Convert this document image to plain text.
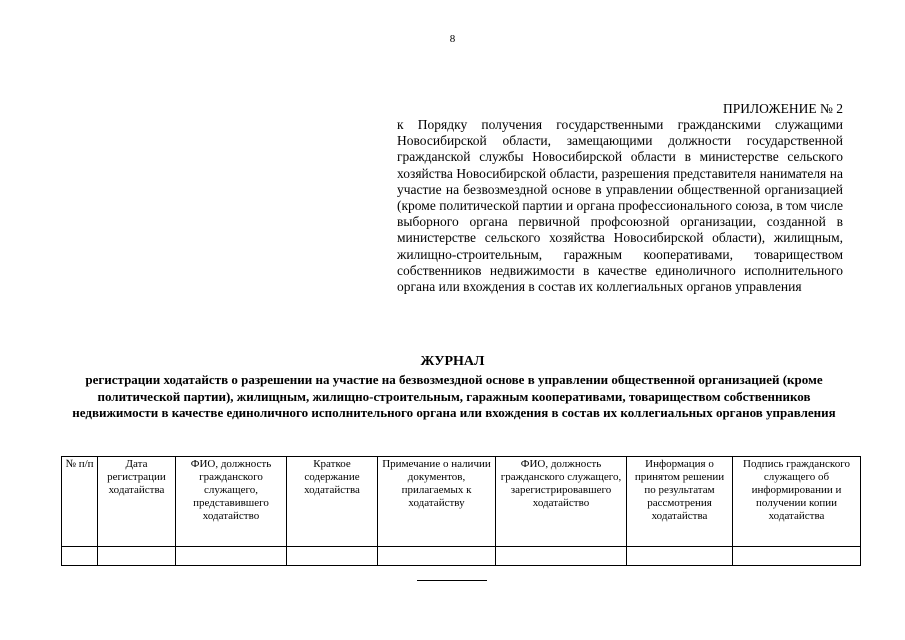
8
ПРИЛОЖЕНИЕ № 2
к Порядку получения государственными гражданскими служащими Новосибирской области, замещающими должности государственной гражданской службы Новосибирской области в министерстве сельского хозяйства Новосибирской области, разрешения представителя нанимателя на участие на безвозмездной основе в управлении общественной организацией (кроме политической партии и органа профессионального союза, в том числе выборного органа первичной профсоюзной организации, созданной в министерстве сельского хозяйства Новосибирской области), жилищным, жилищно-строительным, гаражным кооперативами, товариществом собственников недвижимости в качестве единоличного исполнительного органа или вхождения в состав их коллегиальных органов управления
ЖУРНАЛ
регистрации ходатайств о разрешении на участие на безвозмездной основе в управлении общественной организацией (кроме политической партии), жилищным, жилищно-строительным, гаражным кооперативами, товариществом собственников недвижимости в качестве единоличного исполнительного органа или вхождения в состав их коллегиальных органов управления
№ п/п	Дата регистрации ходатайства	ФИО, должность гражданского служащего, представившего ходатайство	Краткое содержание ходатайства	Примечание о наличии документов, прилагаемых к ходатайству	ФИО, должность гражданского служащего, зарегистрировавшего ходатайство	Информация о принятом решении по результатам рассмотрения ходатайства	Подпись гражданского служащего об информировании и получении копии ходатайства
